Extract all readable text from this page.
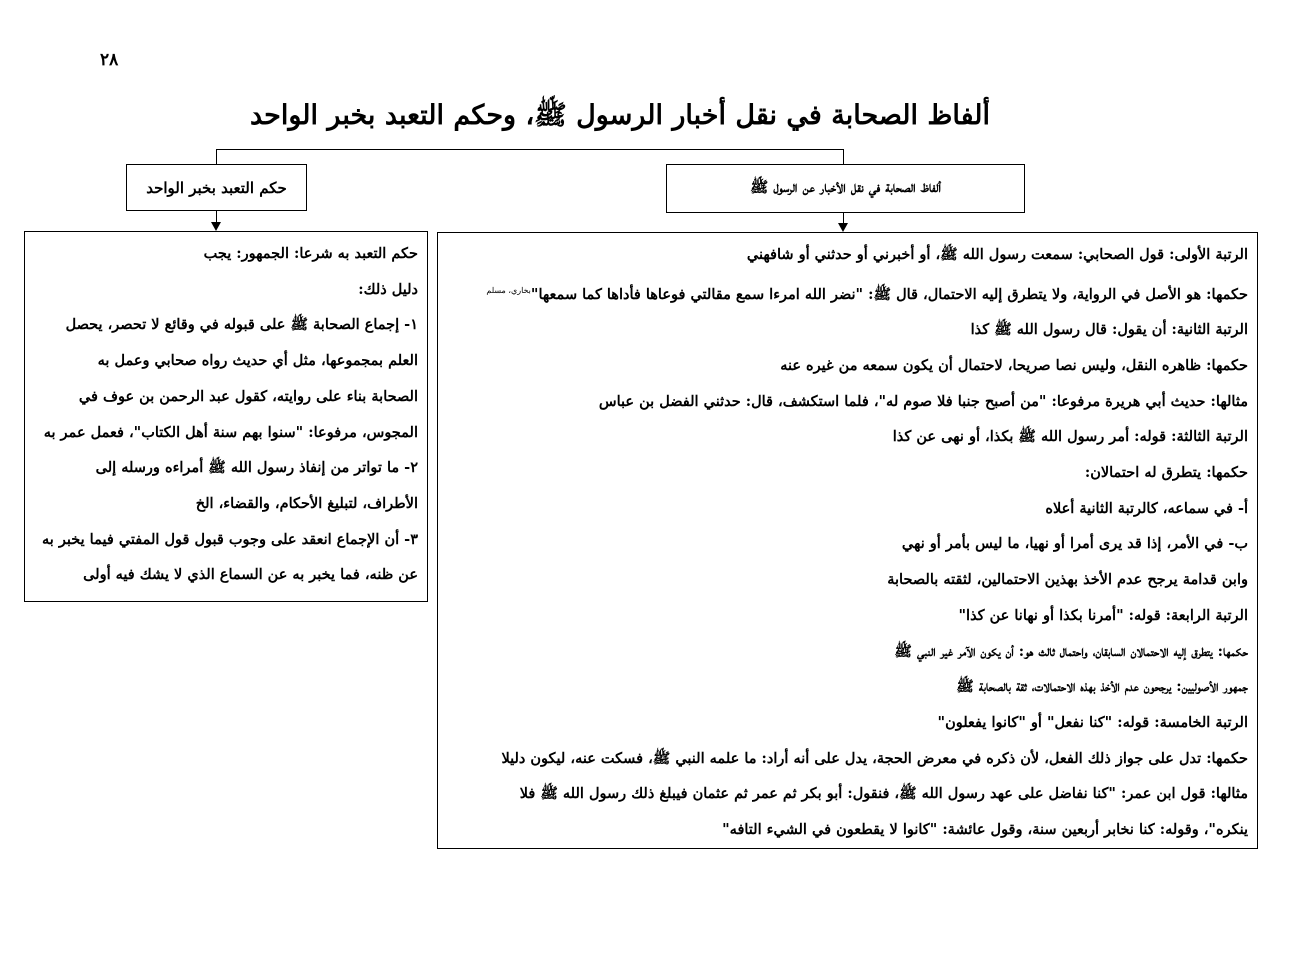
٢٨
ألفاظ الصحابة في نقل أخبار الرسول ﷺ، وحكم التعبد بخبر الواحد
ألفاظ الصحابة في نقل الأخبار عن الرسول ﷺ
حكم التعبد بخبر الواحد

الرتبة الأولى: قول الصحابي: سمعت رسول الله ﷺ، أو أخبرني أو حدثني أو شافهني

حكمها: هو الأصل في الرواية، ولا يتطرق إليه الاحتمال، قال ﷺ: "نضر الله امرءا سمع مقالتي فوعاها فأداها كما سمعها"$^{بخاري، مسلم}$

الرتبة الثانية: أن يقول: قال رسول الله ﷺ كذا

حكمها: ظاهره النقل، وليس نصا صريحا، لاحتمال أن يكون سمعه من غيره عنه

مثالها: حديث أبي هريرة مرفوعا: "من أصبح جنبا فلا صوم له"، فلما استكشف، قال: حدثني الفضل بن عباس

الرتبة الثالثة: قوله: أمر رسول الله ﷺ بكذا، أو نهى عن كذا

حكمها: يتطرق له احتمالان:

أ- في سماعه، كالرتبة الثانية أعلاه

ب- في الأمر، إذا قد يرى أمرا أو نهيا، ما ليس بأمر أو نهي

وابن قدامة يرجح عدم الأخذ بهذين الاحتمالين، لثقته بالصحابة

الرتبة الرابعة: قوله: "أمرنا بكذا أو نهانا عن كذا"

حكمها: يتطرق إليه الاحتمالان السابقان، واحتمال ثالث هو: أن يكون الآمر غير النبي ﷺ

جمهور الأصوليين: يرجحون عدم الأخذ بهذه الاحتمالات، ثقة بالصحابة ﷺ

الرتبة الخامسة: قوله: "كنا نفعل" أو "كانوا يفعلون"

حكمها: تدل على جواز ذلك الفعل، لأن ذكره في معرض الحجة، يدل على أنه أراد: ما علمه النبي ﷺ، فسكت عنه، ليكون دليلا

مثالها: قول ابن عمر: "كنا نفاضل على عهد رسول الله ﷺ، فنقول: أبو بكر ثم عمر ثم عثمان فيبلغ ذلك رسول الله ﷺ فلا

ينكره"، وقوله: كنا نخابر أربعين سنة، وقول عائشة: "كانوا لا يقطعون في الشيء التافه"

حكم التعبد به شرعا: الجمهور: يجب

دليل ذلك:

١- إجماع الصحابة ﷺ على قبوله في وقائع لا تحصر، يحصل

العلم بمجموعها، مثل أي حديث رواه صحابي وعمل به

الصحابة بناء على روايته، كقول عبد الرحمن بن عوف في

المجوس، مرفوعا: "سنوا بهم سنة أهل الكتاب"، فعمل عمر به

٢- ما تواتر من إنفاذ رسول الله ﷺ أمراءه ورسله إلى

الأطراف، لتبليغ الأحكام، والقضاء، الخ

٣- أن الإجماع انعقد على وجوب قبول قول المفتي فيما يخبر به

عن ظنه، فما يخبر به عن السماع الذي لا يشك فيه أولى
